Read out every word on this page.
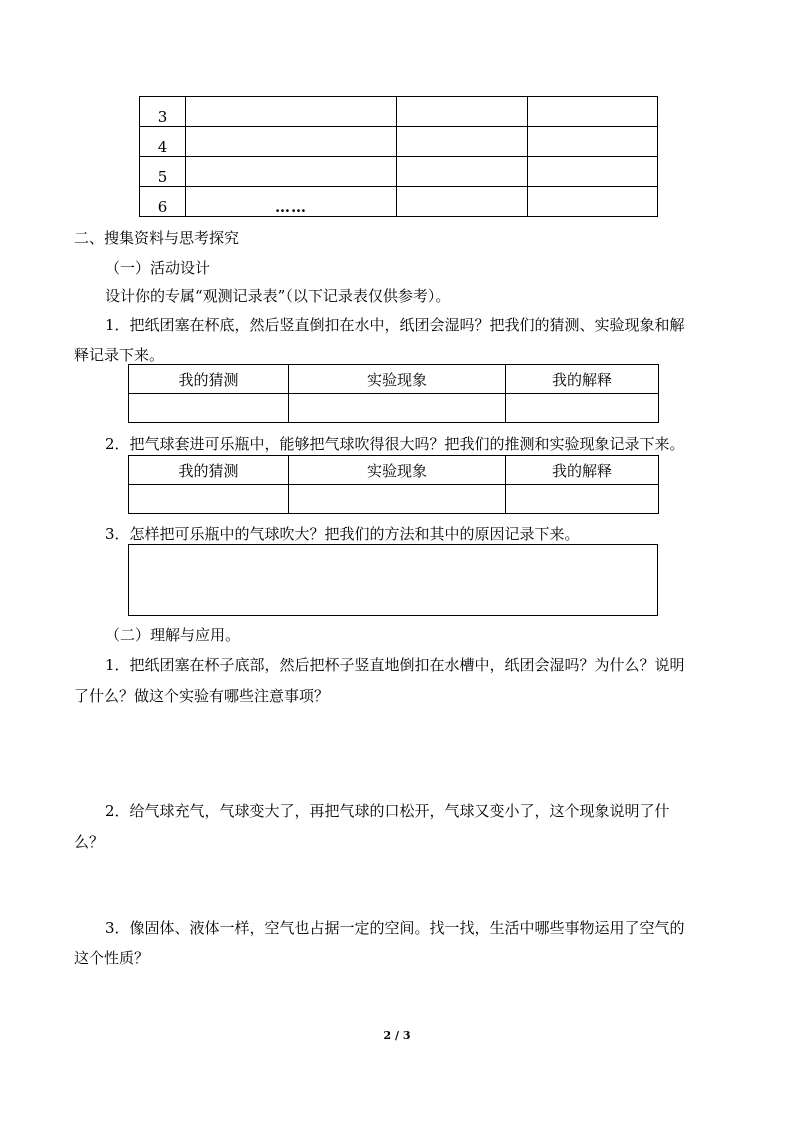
3			
4			
5			
6	……		
二、搜集资料与思考探究
（一）活动设计
设计你的专属“观测记录表”（以下记录表仅供参考）。
1．把纸团塞在杯底，然后竖直倒扣在水中，纸团会湿吗？把我们的猜测、实验现象和解
释记录下来。
我的猜测	实验现象	我的解释

2．把气球套进可乐瓶中，能够把气球吹得很大吗？把我们的推测和实验现象记录下来。
我的猜测	实验现象	我的解释

3．怎样把可乐瓶中的气球吹大？把我们的方法和其中的原因记录下来。
（二）理解与应用。
1．把纸团塞在杯子底部，然后把杯子竖直地倒扣在水槽中，纸团会湿吗？为什么？说明
了什么？做这个实验有哪些注意事项？
2．给气球充气，气球变大了，再把气球的口松开，气球又变小了，这个现象说明了什
么？
3．像固体、液体一样，空气也占据一定的空间。找一找，生活中哪些事物运用了空气的
这个性质？
2 / 3
